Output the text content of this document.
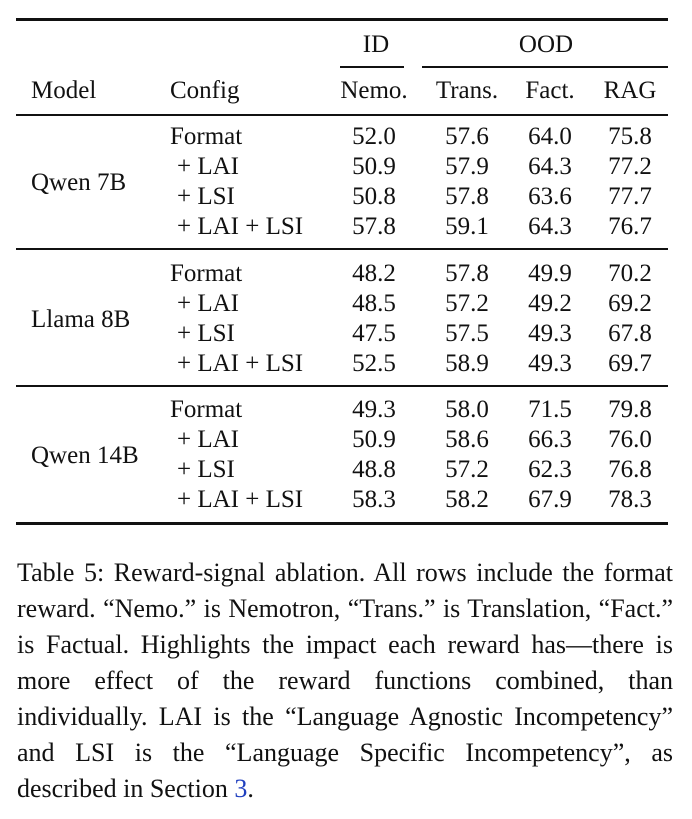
ID	OOD
Model	Config	Nemo.	Trans.	Fact.	RAG
Qwen 7B
Format	52.0	57.6	64.0	75.8
+ LAI	50.9	57.9	64.3	77.2
+ LSI	50.8	57.8	63.6	77.7
+ LAI + LSI	57.8	59.1	64.3	76.7
Llama 8B
Format	48.2	57.8	49.9	70.2
+ LAI	48.5	57.2	49.2	69.2
+ LSI	47.5	57.5	49.3	67.8
+ LAI + LSI	52.5	58.9	49.3	69.7
Qwen 14B
Format	49.3	58.0	71.5	79.8
+ LAI	50.9	58.6	66.3	76.0
+ LSI	48.8	57.2	62.3	76.8
+ LAI + LSI	58.3	58.2	67.9	78.3

Table 5: Reward-signal ablation. All rows include the format reward. “Nemo.” is Nemotron, “Trans.” is Translation, “Fact.” is Factual. Highlights the impact each reward has—there is more effect of the reward functions combined, than individually. LAI is the “Language Agnostic Incompetency” and LSI is the “Language Specific Incompetency”, as described in Section 3.
